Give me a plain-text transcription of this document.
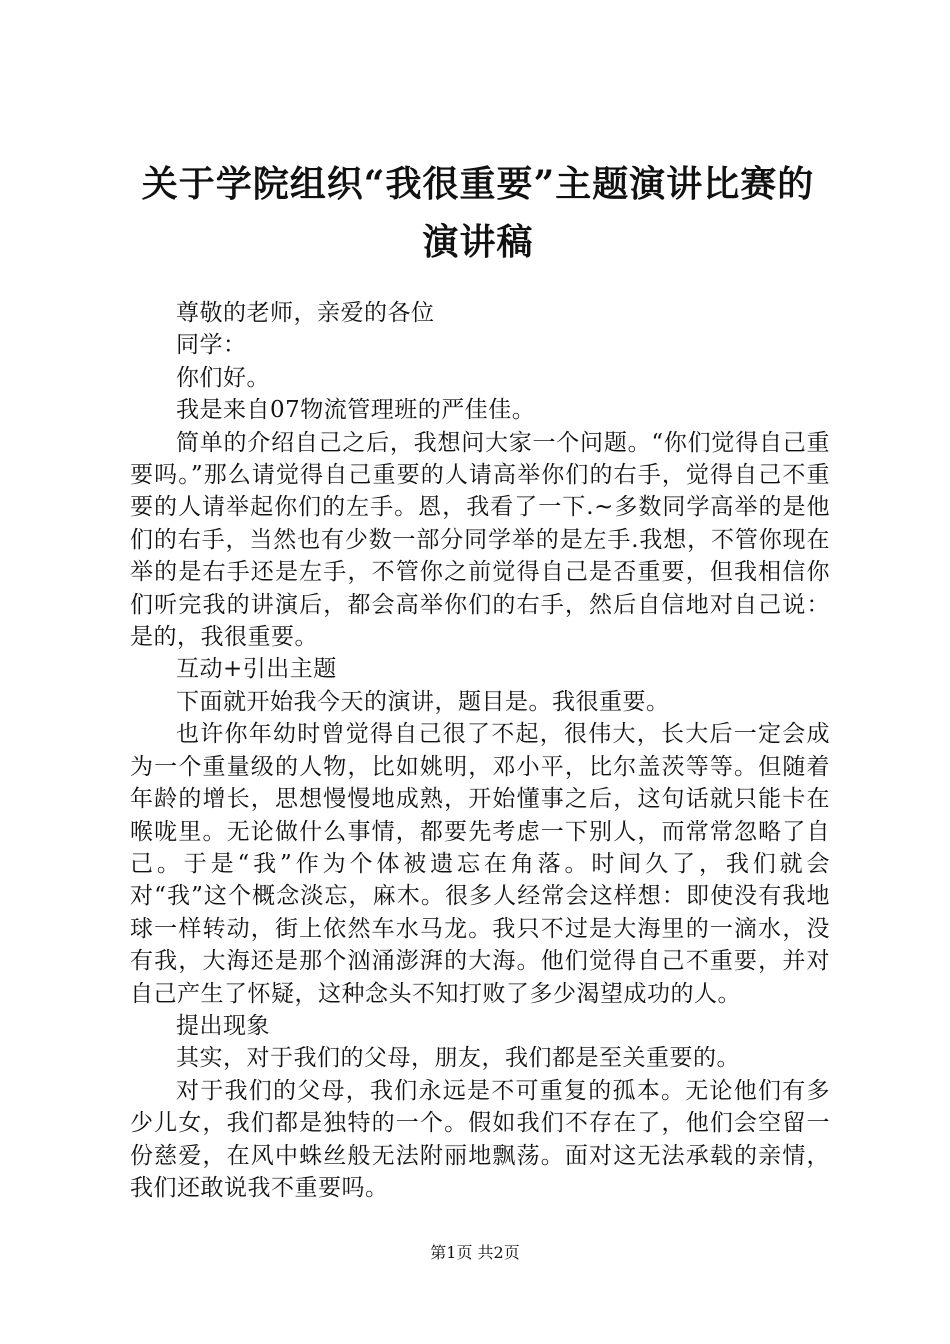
关于学院组织“我很重要”主题演讲比赛的演讲稿

尊敬的老师，亲爱的各位

同学：

你们好。

我是来自07物流管理班的严佳佳。

简单的介绍自己之后，我想问大家一个问题。“你们觉得自己重要吗。”那么请觉得自己重要的人请高举你们的右手，觉得自己不重要的人请举起你们的左手。恩，我看了一下.~多数同学高举的是他们的右手，当然也有少数一部分同学举的是左手.我想，不管你现在举的是右手还是左手，不管你之前觉得自己是否重要，但我相信你们听完我的讲演后，都会高举你们的右手，然后自信地对自己说：是的，我很重要。

互动+引出主题

下面就开始我今天的演讲，题目是。我很重要。

也许你年幼时曾觉得自己很了不起，很伟大，长大后一定会成为一个重量级的人物，比如姚明，邓小平，比尔盖茨等等。但随着年龄的增长，思想慢慢地成熟，开始懂事之后，这句话就只能卡在喉咙里。无论做什么事情，都要先考虑一下别人，而常常忽略了自己。于是“我”作为个体被遗忘在角落。时间久了，我们就会对“我”这个概念淡忘，麻木。很多人经常会这样想：即使没有我地球一样转动，街上依然车水马龙。我只不过是大海里的一滴水，没有我，大海还是那个汹涌澎湃的大海。他们觉得自己不重要，并对自己产生了怀疑，这种念头不知打败了多少渴望成功的人。

提出现象

其实，对于我们的父母，朋友，我们都是至关重要的。

对于我们的父母，我们永远是不可重复的孤本。无论他们有多少儿女，我们都是独特的一个。假如我们不存在了，他们会空留一份慈爱，在风中蛛丝般无法附丽地飘荡。面对这无法承载的亲情，我们还敢说我不重要吗。

第1页 共2页
